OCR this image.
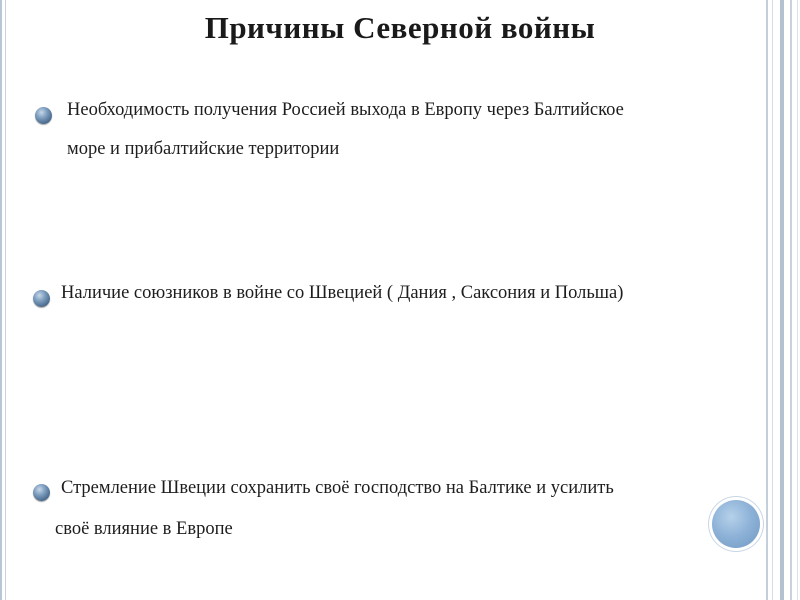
Причины Северной войны
Необходимость получения Россией выхода в Европу через Балтийское
море и прибалтийские территории
Наличие союзников в войне со Швецией ( Дания , Саксония и Польша)
Стремление Швеции сохранить своё господство на Балтике и усилить
своё влияние в Европе
